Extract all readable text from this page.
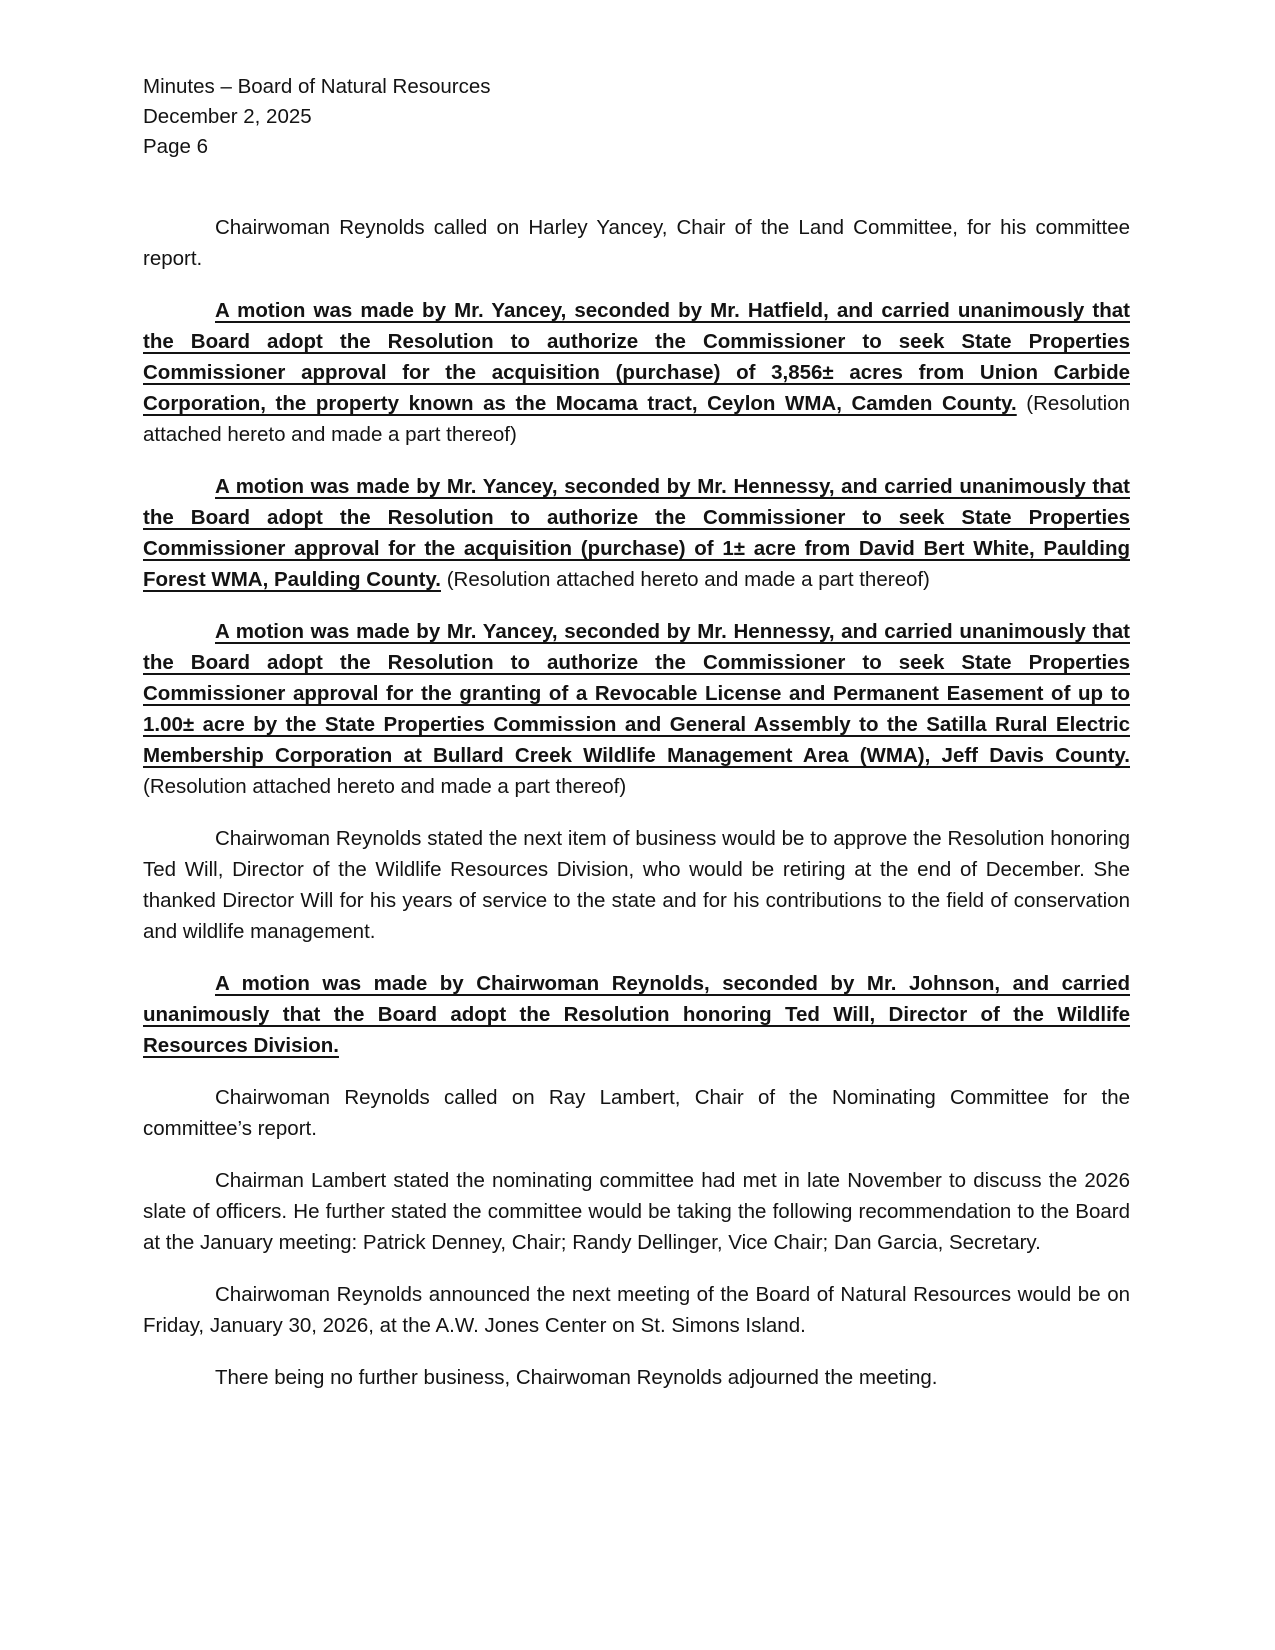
Minutes – Board of Natural Resources
December 2, 2025
Page 6

Chairwoman Reynolds called on Harley Yancey, Chair of the Land Committee, for his committee report.

A motion was made by Mr. Yancey, seconded by Mr. Hatfield, and carried unanimously that the Board adopt the Resolution to authorize the Commissioner to seek State Properties Commissioner approval for the acquisition (purchase) of 3,856± acres from Union Carbide Corporation, the property known as the Mocama tract, Ceylon WMA, Camden County. (Resolution attached hereto and made a part thereof)

A motion was made by Mr. Yancey, seconded by Mr. Hennessy, and carried unanimously that the Board adopt the Resolution to authorize the Commissioner to seek State Properties Commissioner approval for the acquisition (purchase) of 1± acre from David Bert White, Paulding Forest WMA, Paulding County. (Resolution attached hereto and made a part thereof)

A motion was made by Mr. Yancey, seconded by Mr. Hennessy, and carried unanimously that the Board adopt the Resolution to authorize the Commissioner to seek State Properties Commissioner approval for the granting of a Revocable License and Permanent Easement of up to 1.00± acre by the State Properties Commission and General Assembly to the Satilla Rural Electric Membership Corporation at Bullard Creek Wildlife Management Area (WMA), Jeff Davis County. (Resolution attached hereto and made a part thereof)

Chairwoman Reynolds stated the next item of business would be to approve the Resolution honoring Ted Will, Director of the Wildlife Resources Division, who would be retiring at the end of December. She thanked Director Will for his years of service to the state and for his contributions to the field of conservation and wildlife management.

A motion was made by Chairwoman Reynolds, seconded by Mr. Johnson, and carried unanimously that the Board adopt the Resolution honoring Ted Will, Director of the Wildlife Resources Division.

Chairwoman Reynolds called on Ray Lambert, Chair of the Nominating Committee for the committee’s report.

Chairman Lambert stated the nominating committee had met in late November to discuss the 2026 slate of officers. He further stated the committee would be taking the following recommendation to the Board at the January meeting: Patrick Denney, Chair; Randy Dellinger, Vice Chair; Dan Garcia, Secretary.

Chairwoman Reynolds announced the next meeting of the Board of Natural Resources would be on Friday, January 30, 2026, at the A.W. Jones Center on St. Simons Island.

There being no further business, Chairwoman Reynolds adjourned the meeting.
